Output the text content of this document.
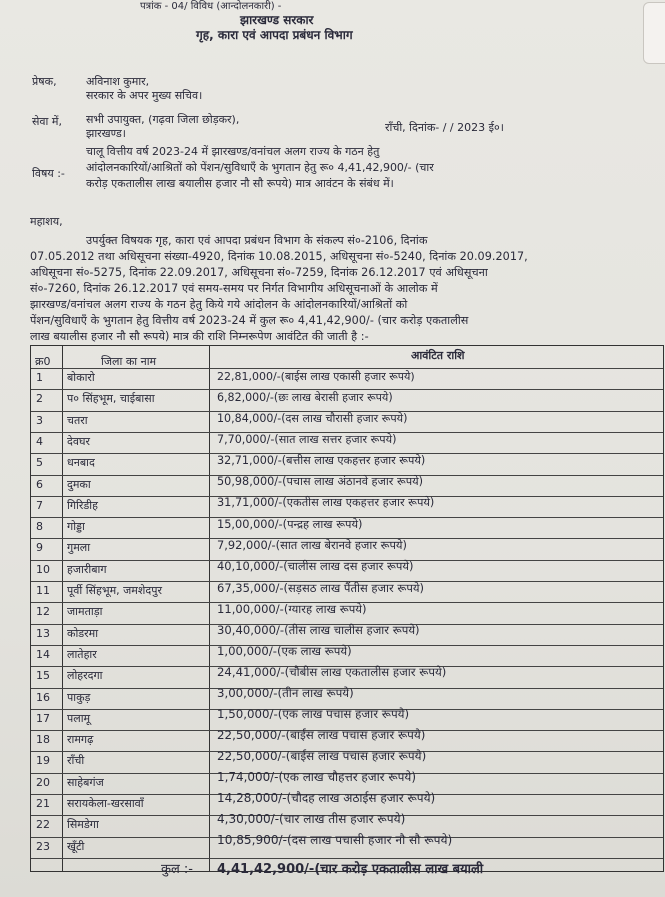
पत्रांक - 04/ विविध (आन्दोलनकारी) -
झारखण्ड सरकार
गृह, कारा एवं आपदा प्रबंधन विभाग
प्रेषक,	अविनाश कुमार,
सरकार के अपर मुख्य सचिव।
सेवा में, सभी उपायुक्त, (गढ़वा जिला छोड़कर),
झारखण्ड।	राँची, दिनांक- / / 2023 ई०।
विषय :-
चालू वित्तीय वर्ष 2023-24 में झारखण्ड/वनांचल अलग राज्य के गठन हेतु
आंदोलनकारियों/आश्रितों को पेंशन/सुविधाएँ के भुगतान हेतु रू० 4,41,42,900/- (चार
करोड़ एकतालीस लाख बयालीस हजार नौ सौ रूपये) मात्र आवंटन के संबंध में।
महाशय,
उपर्युक्त विषयक गृह, कारा एवं आपदा प्रबंधन विभाग के संकल्प सं०-2106, दिनांक
07.05.2012 तथा अधिसूचना संख्या-4920, दिनांक 10.08.2015, अधिसूचना सं०-5240, दिनांक 20.09.2017,
अधिसूचना सं०-5275, दिनांक 22.09.2017, अधिसूचना सं०-7259, दिनांक 26.12.2017 एवं अधिसूचना
सं०-7260, दिनांक 26.12.2017 एवं समय-समय पर निर्गत विभागीय अधिसूचनाओं के आलोक में
झारखण्ड/वनांचल अलग राज्य के गठन हेतु किये गये आंदोलन के आंदोलनकारियों/आश्रितों को
पेंशन/सुविधाएँ के भुगतान हेतु वित्तीय वर्ष 2023-24 में कुल रू० 4,41,42,900/- (चार करोड़ एकतालीस
लाख बयालीस हजार नौ सौ रूपये) मात्र की राशि निम्नरूपेण आवंटित की जाती है :-
क्र0	जिला का नाम	आवंटित राशि
1 बोकारो	22,81,000/-(बाईस लाख एकासी हजार रूपये)
2 प० सिंहभूम, चाईबासा	6,82,000/-(छः लाख बेरासी हजार रूपये)
3 चतरा	10,84,000/-(दस लाख चौरासी हजार रूपये)
4 देवघर	7,70,000/-(सात लाख सत्तर हजार रूपये)
5 धनबाद	32,71,000/-(बत्तीस लाख एकहत्तर हजार रूपये)
6 दुमका	50,98,000/-(पचास लाख अंठानवे हजार रूपये)
7 गिरिडीह	31,71,000/-(एकतीस लाख एकहत्तर हजार रूपये)
8 गोड्डा	15,00,000/-(पन्द्रह लाख रूपये)
9 गुमला	7,92,000/-(सात लाख बेरानवे हजार रूपये)
10 हजारीबाग	40,10,000/-(चालीस लाख दस हजार रूपये)
11 पूर्वी सिंहभूम, जमशेदपुर	67,35,000/-(सड़सठ लाख पैंतीस हजार रूपये)
12 जामताड़ा	11,00,000/-(ग्यारह लाख रूपये)
13 कोडरमा	30,40,000/-(तीस लाख चालीस हजार रूपये)
14 लातेहार	1,00,000/-(एक लाख रूपये)
15 लोहरदगा	24,41,000/-(चौबीस लाख एकतालीस हजार रूपये)
16 पाकुड़	3,00,000/-(तीन लाख रूपये)
17 पलामू	1,50,000/-(एक लाख पचास हजार रूपये)
18 रामगढ़	22,50,000/-(बाईस लाख पचास हजार रूपये)
19 राँची	22,50,000/-(बाईस लाख पचास हजार रूपये)
20 साहेबगंज	1,74,000/-(एक लाख चौहत्तर हजार रूपये)
21 सरायकेला-खरसावाँ	14,28,000/-(चौदह लाख अठाईस हजार रूपये)
22 सिमडेगा	4,30,000/-(चार लाख तीस हजार रूपये)
23 खूँटी	10,85,900/-(दस लाख पचासी हजार नौ सौ रूपये)
कुल :- 4,41,42,900/-(चार करोड़ एकतालीस लाख बयाली
